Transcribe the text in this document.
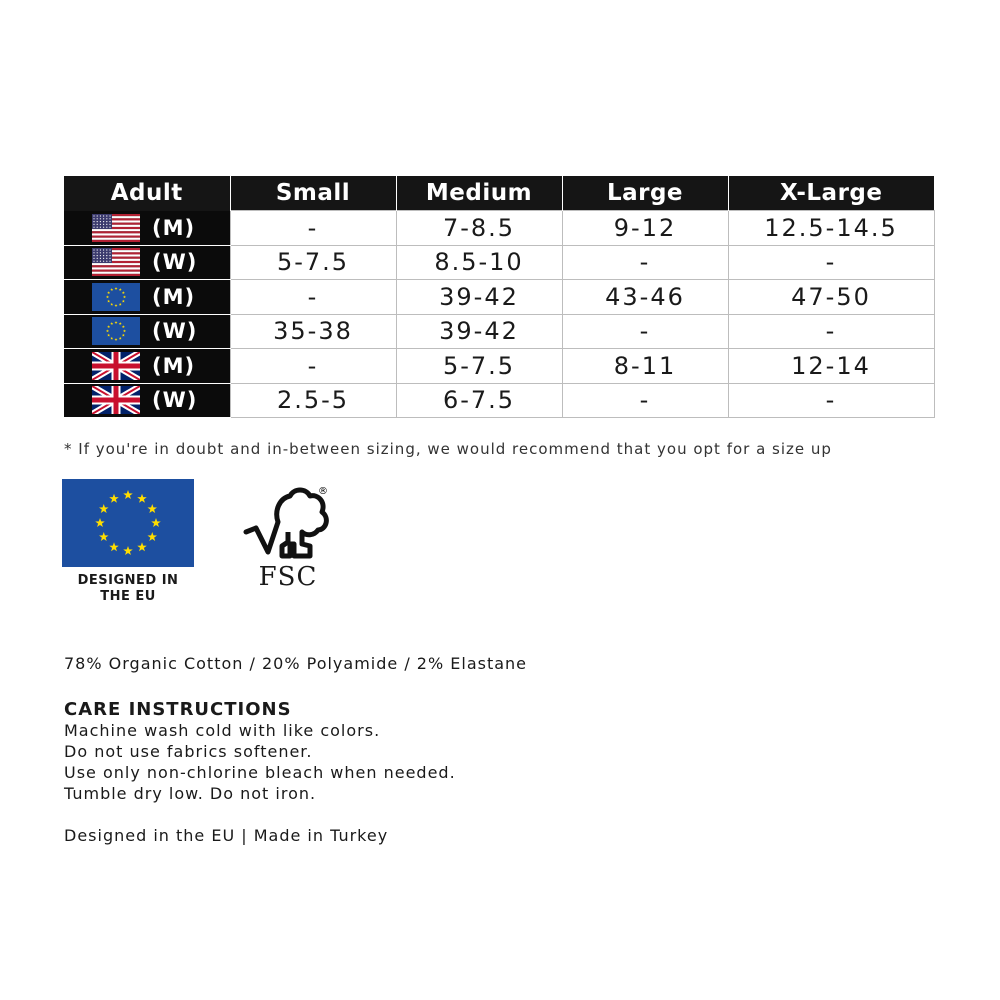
Adult	Small	Medium	Large	X-Large

(M)	-	7-8.5	9-12	12.5-14.5

(W)	5-7.5	8.5-10	-	-

(M)	-	39-42	43-46	47-50

(W)	35-38	39-42	-	-

(M)	-	5-7.5	8-11	12-14

(W)	2.5-5	6-7.5	-	-
* If you're in doubt and in-between sizing, we would recommend that you opt for a size up
DESIGNED IN
THE EU
®
FSC
78% Organic Cotton / 20% Polyamide / 2% Elastane

CARE INSTRUCTIONS

Machine wash cold with like colors.

Do not use fabrics softener.

Use only non-chlorine bleach when needed.

Tumble dry low. Do not iron.

Designed in the EU | Made in Turkey
